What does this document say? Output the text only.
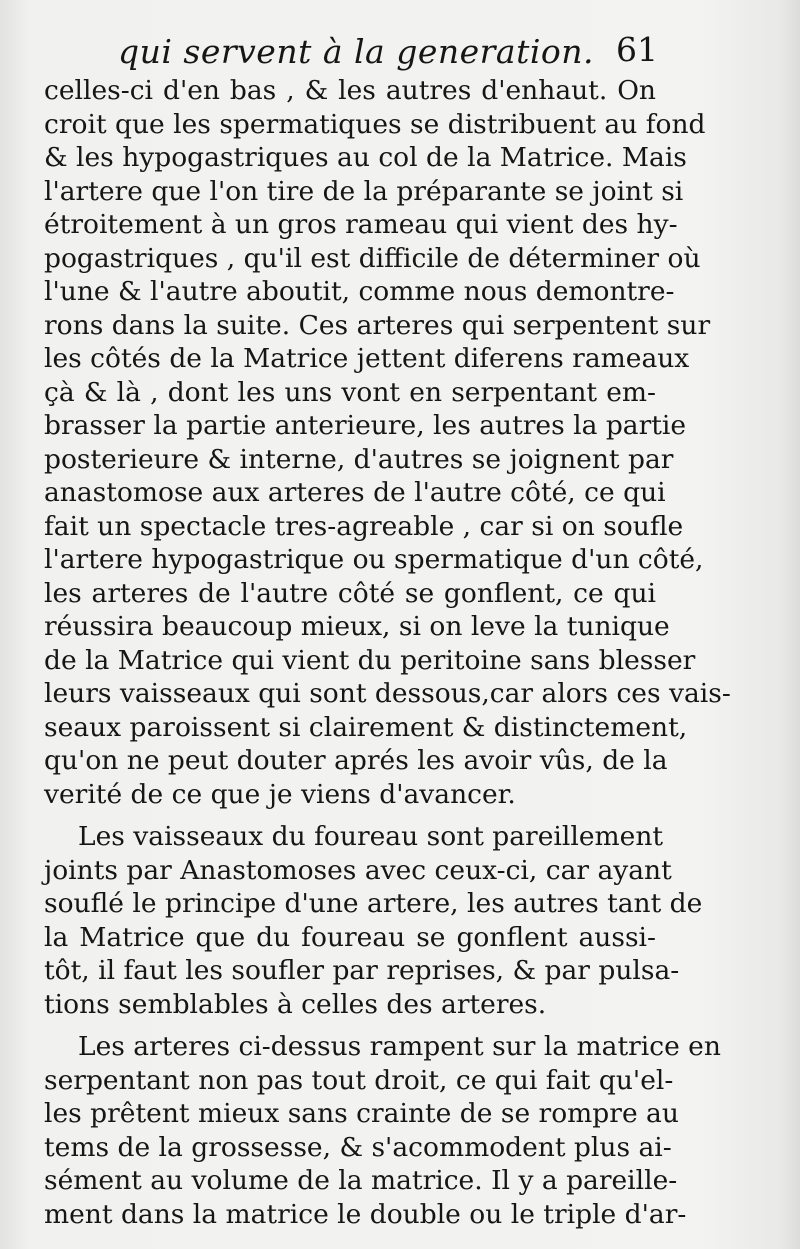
qui servent à la generation. 61
celles-ci d'en bas , & les autres d'enhaut. On
croit que les spermatiques se distribuent au fond
& les hypogastriques au col de la Matrice. Mais
l'artere que l'on tire de la préparante se joint si
étroitement à un gros rameau qui vient des hy-
pogastriques , qu'il est difficile de déterminer où
l'une & l'autre aboutit, comme nous demontre-
rons dans la suite. Ces arteres qui serpentent sur
les côtés de la Matrice jettent diferens rameaux
çà & là , dont les uns vont en serpentant em-
brasser la partie anterieure, les autres la partie
posterieure & interne, d'autres se joignent par
anastomose aux arteres de l'autre côté, ce qui
fait un spectacle tres-agreable , car si on soufle
l'artere hypogastrique ou spermatique d'un côté,
les arteres de l'autre côté se gonflent, ce qui
réussira beaucoup mieux, si on leve la tunique
de la Matrice qui vient du peritoine sans blesser
leurs vaisseaux qui sont dessous,car alors ces vais-
seaux paroissent si clairement & distinctement,
qu'on ne peut douter aprés les avoir vûs, de la
verité de ce que je viens d'avancer.
Les vaisseaux du foureau sont pareillement
joints par Anastomoses avec ceux-ci, car ayant
souflé le principe d'une artere, les autres tant de
la Matrice que du foureau se gonflent aussi-
tôt, il faut les soufler par reprises, & par pulsa-
tions semblables à celles des arteres.
Les arteres ci-dessus rampent sur la matrice en
serpentant non pas tout droit, ce qui fait qu'el-
les prêtent mieux sans crainte de se rompre au
tems de la grossesse, & s'acommodent plus ai-
sément au volume de la matrice. Il y a pareille-
ment dans la matrice le double ou le triple d'ar-
